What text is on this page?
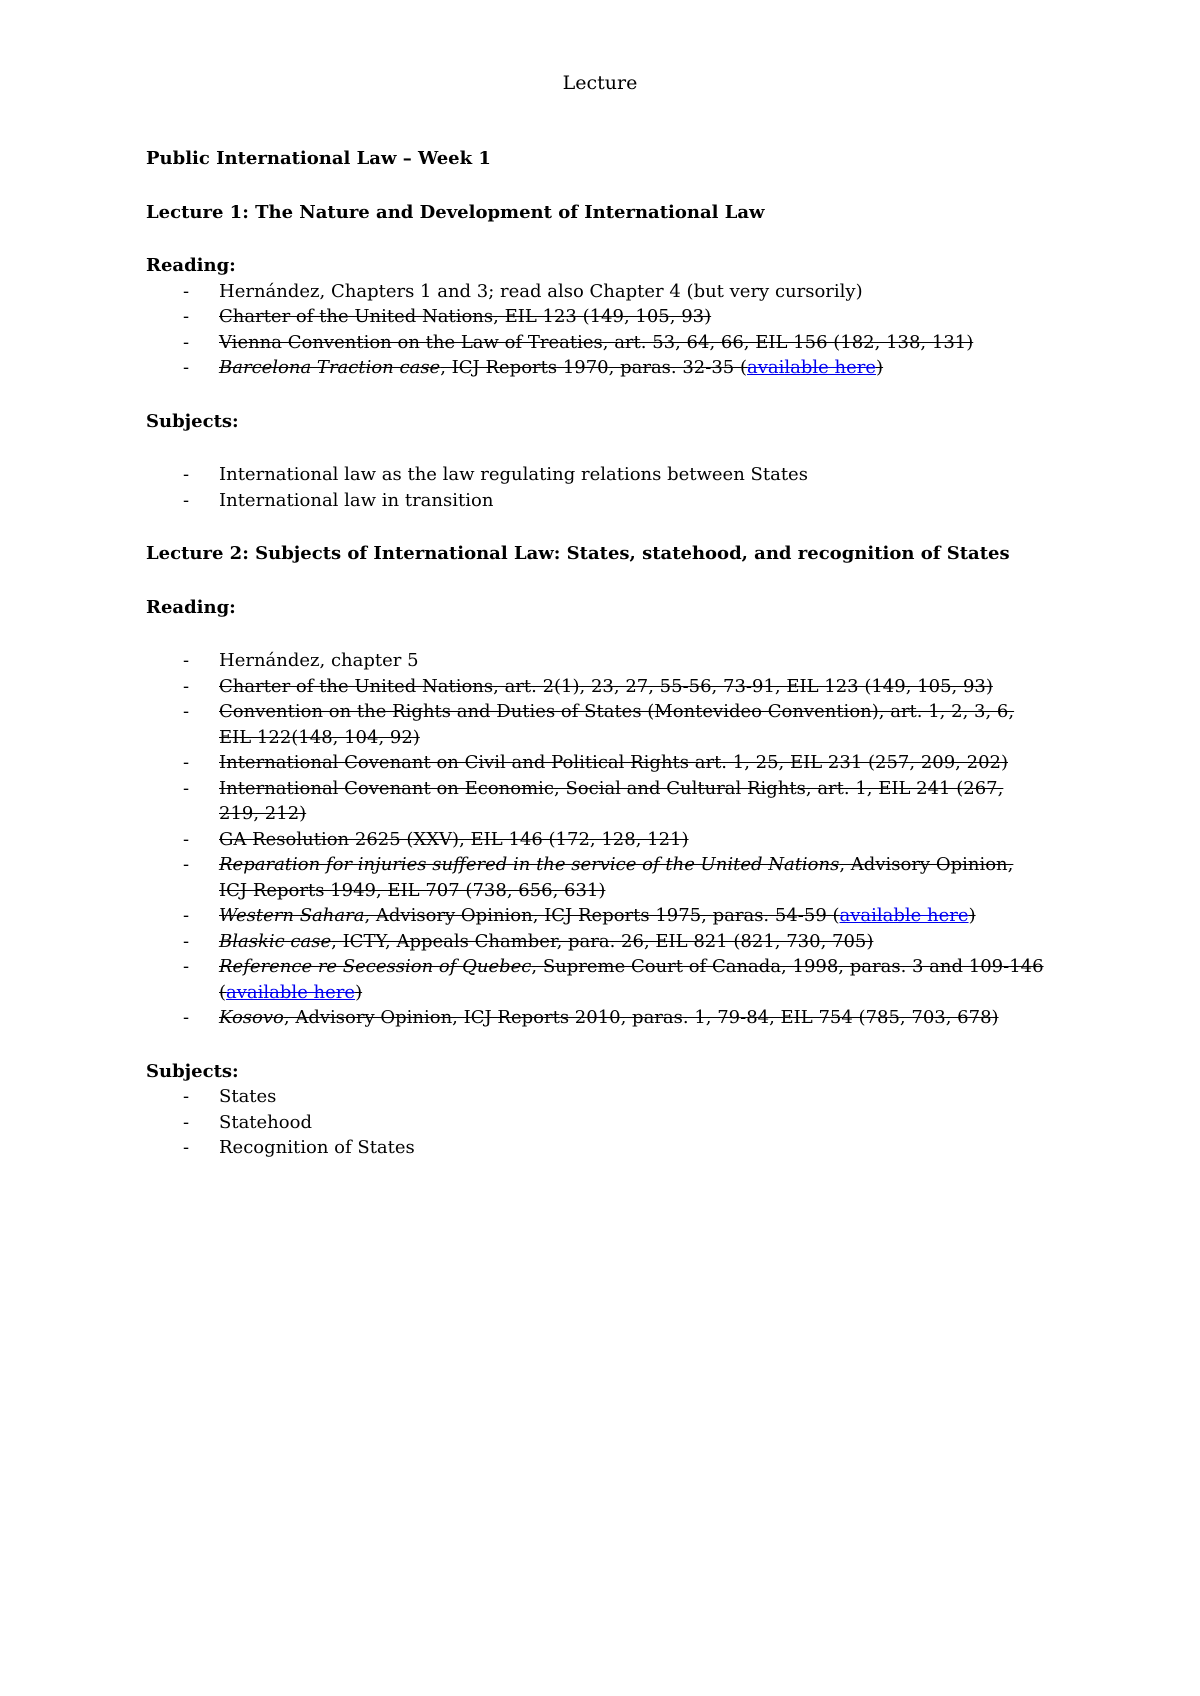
Lecture

Public International Law – Week 1

Lecture 1: The Nature and Development of International Law

Reading:

- Hernández, Chapters 1 and 3; read also Chapter 4 (but very cursorily)
- Charter of the United Nations, EIL 123 (149, 105, 93)
- Vienna Convention on the Law of Treaties, art. 53, 64, 66, EIL 156 (182, 138, 131)
- Barcelona Traction case, ICJ Reports 1970, paras. 32-35 (available here)

Subjects:

- International law as the law regulating relations between States
- International law in transition

Lecture 2: Subjects of International Law: States, statehood, and recognition of States

Reading:

- Hernández, chapter 5
- Charter of the United Nations, art. 2(1), 23, 27, 55-56, 73-91, EIL 123 (149, 105, 93)
- Convention on the Rights and Duties of States (Montevideo Convention), art. 1, 2, 3, 6, EIL 122(148, 104, 92)
- International Covenant on Civil and Political Rights art. 1, 25, EIL 231 (257, 209, 202)
- International Covenant on Economic, Social and Cultural Rights, art. 1, EIL 241 (267, 219, 212)
- GA Resolution 2625 (XXV), EIL 146 (172, 128, 121)
- Reparation for injuries suffered in the service of the United Nations, Advisory Opinion, ICJ Reports 1949, EIL 707 (738, 656, 631)
- Western Sahara, Advisory Opinion, ICJ Reports 1975, paras. 54-59 (available here)
- Blaskic case, ICTY, Appeals Chamber, para. 26, EIL 821 (821, 730, 705)
- Reference re Secession of Quebec, Supreme Court of Canada, 1998, paras. 3 and 109-146 (available here)
- Kosovo, Advisory Opinion, ICJ Reports 2010, paras. 1, 79-84, EIL 754 (785, 703, 678)

Subjects:

- States
- Statehood
- Recognition of States
